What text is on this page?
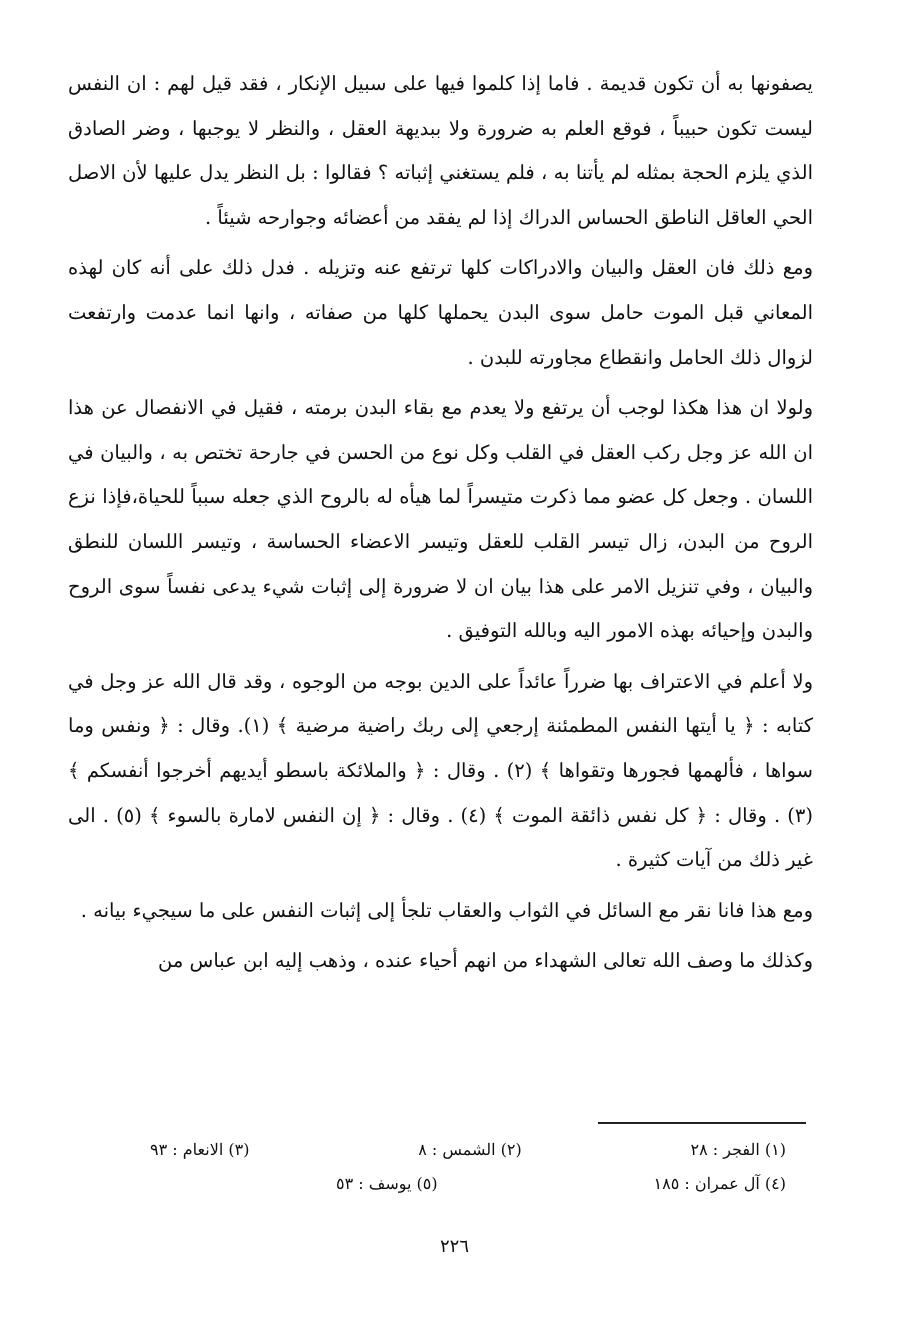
يصفونها به أن تكون قديمة . فاما إذا كلموا فيها على سبيل الإنكار ، فقد قيل لهم : ان النفس ليست تكون حبيباً ، فوقع العلم به ضرورة ولا ببديهة العقل ، والنظر لا يوجبها ، وضر الصادق الذي يلزم الحجة بمثله لم يأتنا به ، فلم يستغني إثباته ؟ فقالوا : بل النظر يدل عليها لأن الاصل الحي العاقل الناطق الحساس الدراك إذا لم يفقد من أعضائه وجوارحه شيئاً .

ومع ذلك فان العقل والبيان والادراكات كلها ترتفع عنه وتزيله . فدل ذلك على أنه كان لهذه المعاني قبل الموت حامل سوى البدن يحملها كلها من صفاته ، وانها انما عدمت وارتفعت لزوال ذلك الحامل وانقطاع مجاورته للبدن .

ولولا ان هذا هكذا لوجب أن يرتفع ولا يعدم مع بقاء البدن برمته ، فقيل في الانفصال عن هذا ان الله عز وجل ركب العقل في القلب وكل نوع من الحسن في جارحة تختص به ، والبيان في اللسان . وجعل كل عضو مما ذكرت متيسراً لما هيأه له بالروح الذي جعله سبباً للحياة،فإذا نزع الروح من البدن، زال تيسر القلب للعقل وتيسر الاعضاء الحساسة ، وتيسر اللسان للنطق والبيان ، وفي تنزيل الامر على هذا بيان ان لا ضرورة إلى إثبات شيء يدعى نفساً سوى الروح والبدن وإحيائه بهذه الامور اليه وبالله التوفيق .

ولا أعلم في الاعتراف بها ضرراً عائداً على الدين بوجه من الوجوه ، وقد قال الله عز وجل في كتابه : ﴿ يا أيتها النفس المطمئنة إرجعي إلى ربك راضية مرضية ﴾ (١). وقال : ﴿ ونفس وما سواها ، فألهمها فجورها وتقواها ﴾ (٢) . وقال : ﴿ والملائكة باسطو أيديهم أخرجوا أنفسكم ﴾ (٣) . وقال : ﴿ كل نفس ذائقة الموت ﴾ (٤) . وقال : ﴿ إن النفس لامارة بالسوء ﴾ (٥) . الى غير ذلك من آيات كثيرة .

ومع هذا فانا نقر مع السائل في الثواب والعقاب تلجأ إلى إثبات النفس على ما سيجيء بيانه .

وكذلك ما وصف الله تعالى الشهداء من انهم أحياء عنده ، وذهب إليه ابن عباس من

(١) الفجر : ٢٨
(٢) الشمس : ٨
(٣) الانعام : ٩٣
(٤) آل عمران : ١٨٥
(٥) يوسف : ٥٣
٢٢٦
